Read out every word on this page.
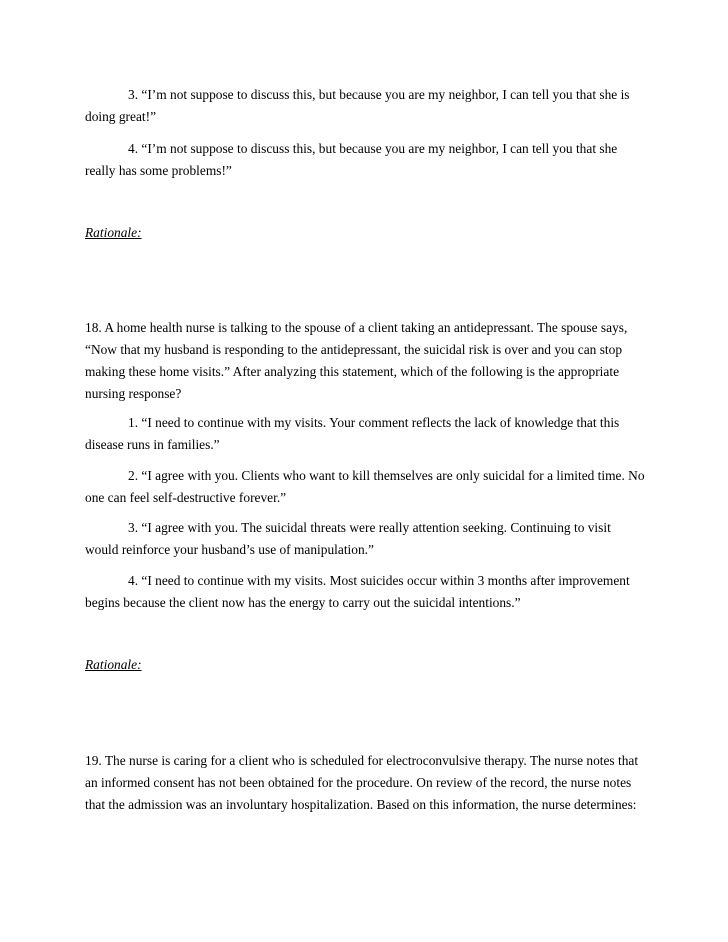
3. “I’m not suppose to discuss this, but because you are my neighbor, I can tell you that she is doing great!”

4. “I’m not suppose to discuss this, but because you are my neighbor, I can tell you that she really has some problems!”

Rationale:

18. A home health nurse is talking to the spouse of a client taking an antidepressant. The spouse says, “Now that my husband is responding to the antidepressant, the suicidal risk is over and you can stop making these home visits.” After analyzing this statement, which of the following is the appropriate nursing response?

1. “I need to continue with my visits. Your comment reflects the lack of knowledge that this disease runs in families.”

2. “I agree with you. Clients who want to kill themselves are only suicidal for a limited time. No one can feel self-destructive forever.”

3. “I agree with you. The suicidal threats were really attention seeking. Continuing to visit would reinforce your husband’s use of manipulation.”

4. “I need to continue with my visits. Most suicides occur within 3 months after improvement begins because the client now has the energy to carry out the suicidal intentions.”

Rationale:

19. The nurse is caring for a client who is scheduled for electroconvulsive therapy. The nurse notes that an informed consent has not been obtained for the procedure. On review of the record, the nurse notes that the admission was an involuntary hospitalization. Based on this information, the nurse determines:
